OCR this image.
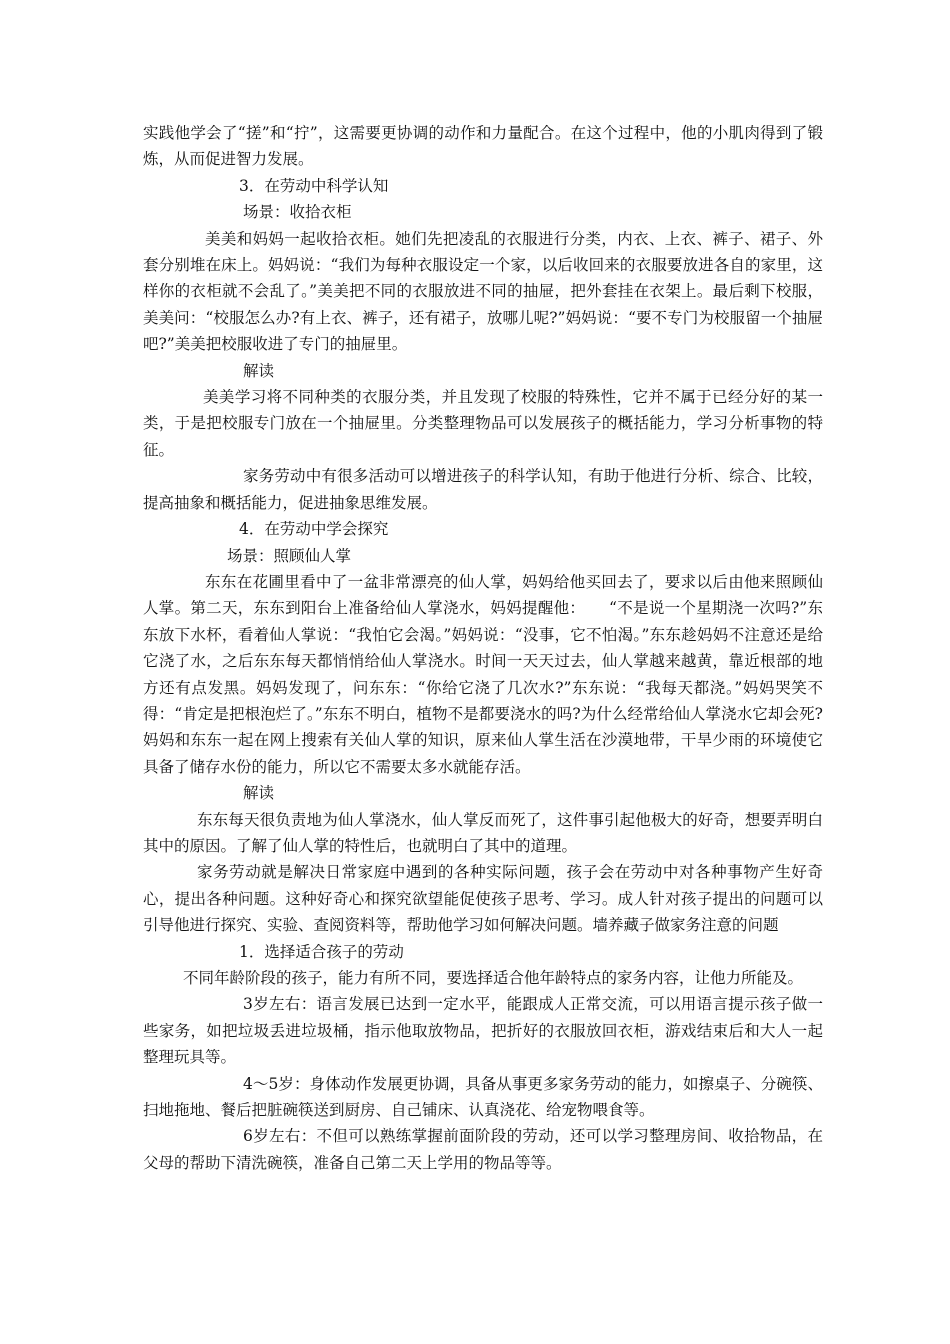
实践他学会了“搓”和“拧”，这需要更协调的动作和力量配合。在这个过程中，他的小肌肉得到了锻炼，从而促进智力发展。

3．在劳动中科学认知

场景：收拾衣柜

美美和妈妈一起收拾衣柜。她们先把凌乱的衣服进行分类，内衣、上衣、裤子、裙子、外套分别堆在床上。妈妈说：“我们为每种衣服设定一个家，以后收回来的衣服要放进各自的家里，这样你的衣柜就不会乱了。”美美把不同的衣服放进不同的抽屉，把外套挂在衣架上。最后剩下校服，美美问：“校服怎么办?有上衣、裤子，还有裙子，放哪儿呢?”妈妈说：“要不专门为校服留一个抽屉吧?”美美把校服收进了专门的抽屉里。

解读

美美学习将不同种类的衣服分类，并且发现了校服的特殊性，它并不属于已经分好的某一类，于是把校服专门放在一个抽屉里。分类整理物品可以发展孩子的概括能力，学习分析事物的特征。

家务劳动中有很多活动可以增进孩子的科学认知，有助于他进行分析、综合、比较，提高抽象和概括能力，促进抽象思维发展。

4．在劳动中学会探究

场景：照顾仙人掌

东东在花圃里看中了一盆非常漂亮的仙人掌，妈妈给他买回去了，要求以后由他来照顾仙人掌。第二天，东东到阳台上准备给仙人掌浇水，妈妈提醒他：　　“不是说一个星期浇一次吗?”东东放下水杯，看着仙人掌说：“我怕它会渴。”妈妈说：“没事，它不怕渴。”东东趁妈妈不注意还是给它浇了水，之后东东每天都悄悄给仙人掌浇水。时间一天天过去，仙人掌越来越黄，靠近根部的地方还有点发黑。妈妈发现了，问东东：“你给它浇了几次水?”东东说：“我每天都浇。”妈妈哭笑不得：“肯定是把根泡烂了。”东东不明白，植物不是都要浇水的吗?为什么经常给仙人掌浇水它却会死?妈妈和东东一起在网上搜索有关仙人掌的知识，原来仙人掌生活在沙漠地带，干旱少雨的环境使它具备了储存水份的能力，所以它不需要太多水就能存活。

解读

东东每天很负责地为仙人掌浇水，仙人掌反而死了，这件事引起他极大的好奇，想要弄明白其中的原因。了解了仙人掌的特性后，也就明白了其中的道理。

家务劳动就是解决日常家庭中遇到的各种实际问题，孩子会在劳动中对各种事物产生好奇心，提出各种问题。这种好奇心和探究欲望能促使孩子思考、学习。成人针对孩子提出的问题可以引导他进行探究、实验、查阅资料等，帮助他学习如何解决问题。墙养藏子做家务注意的问题

1．选择适合孩子的劳动

不同年龄阶段的孩子，能力有所不同，要选择适合他年龄特点的家务内容，让他力所能及。

3岁左右：语言发展已达到一定水平，能跟成人正常交流，可以用语言提示孩子做一些家务，如把垃圾丢进垃圾桶，指示他取放物品，把折好的衣服放回衣柜，游戏结束后和大人一起整理玩具等。

4～5岁：身体动作发展更协调，具备从事更多家务劳动的能力，如擦桌子、分碗筷、扫地拖地、餐后把脏碗筷送到厨房、自己铺床、认真浇花、给宠物喂食等。

6岁左右：不但可以熟练掌握前面阶段的劳动，还可以学习整理房间、收拾物品，在父母的帮助下清洗碗筷，准备自己第二天上学用的物品等等。
